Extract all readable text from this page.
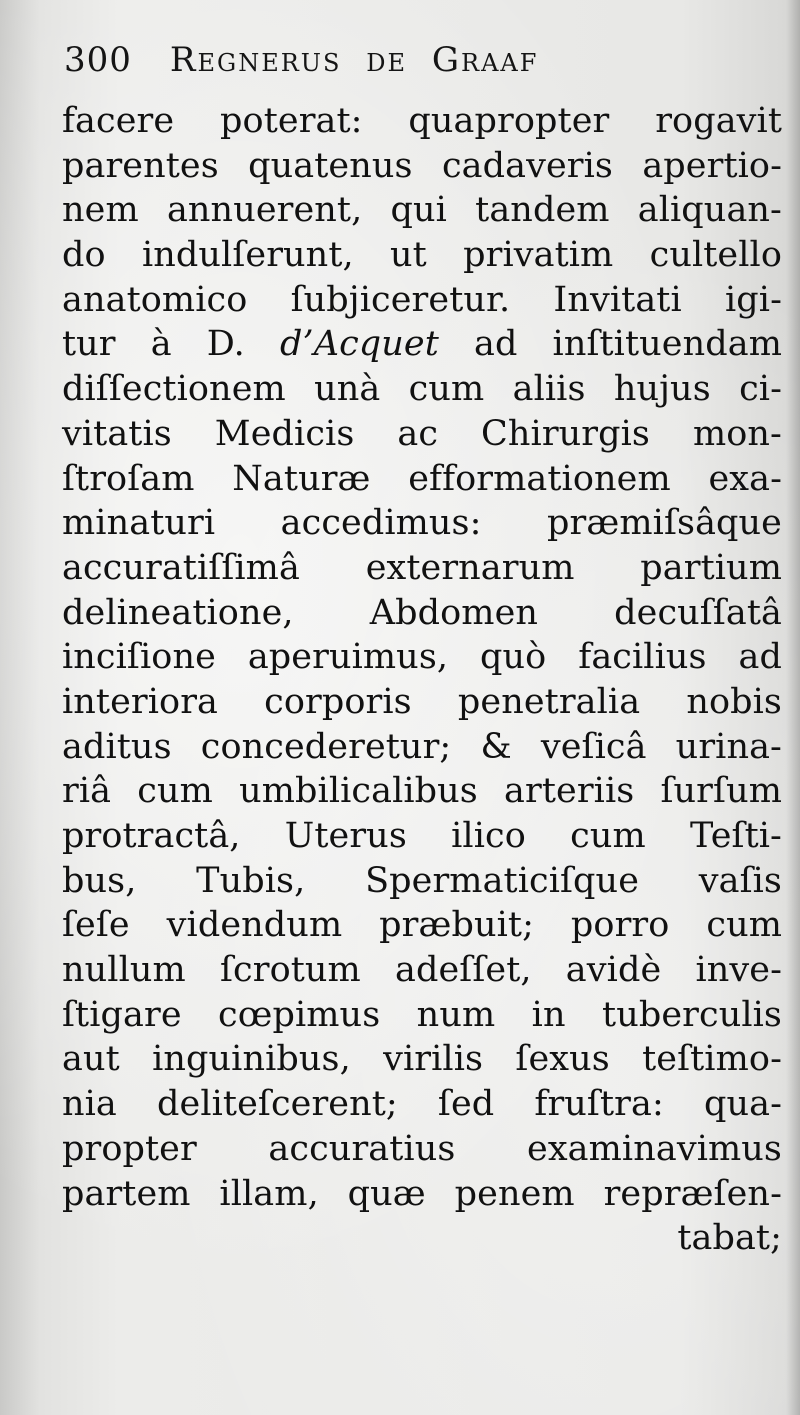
300 Regnerus de Graaf
facere poterat: quapropter rogavit
parentes quatenus cadaveris apertio-
nem annuerent, qui tandem aliquan-
do indulſerunt, ut privatim cultello
anatomico ſubjiceretur. Invitati igi-
tur à D. d’Acquet ad inſtituendam
diſſectionem unà cum aliis hujus ci-
vitatis Medicis ac Chirurgis mon-
ſtroſam Naturæ efformationem exa-
minaturi accedimus: præmiſsâque
accuratiſſimâ externarum partium
delineatione, Abdomen decuſſatâ
inciſione aperuimus, quò facilius ad
interiora corporis penetralia nobis
aditus concederetur; & veſicâ urina-
riâ cum umbilicalibus arteriis ſurſum
protractâ, Uterus ilico cum Teſti-
bus, Tubis, Spermaticiſque vaſis
ſeſe videndum præbuit; porro cum
nullum ſcrotum adeſſet, avidè inve-
ſtigare cœpimus num in tuberculis
aut inguinibus, virilis ſexus teſtimo-
nia deliteſcerent; ſed fruſtra: qua-
propter accuratius examinavimus
partem illam, quæ penem repræſen-
tabat;
